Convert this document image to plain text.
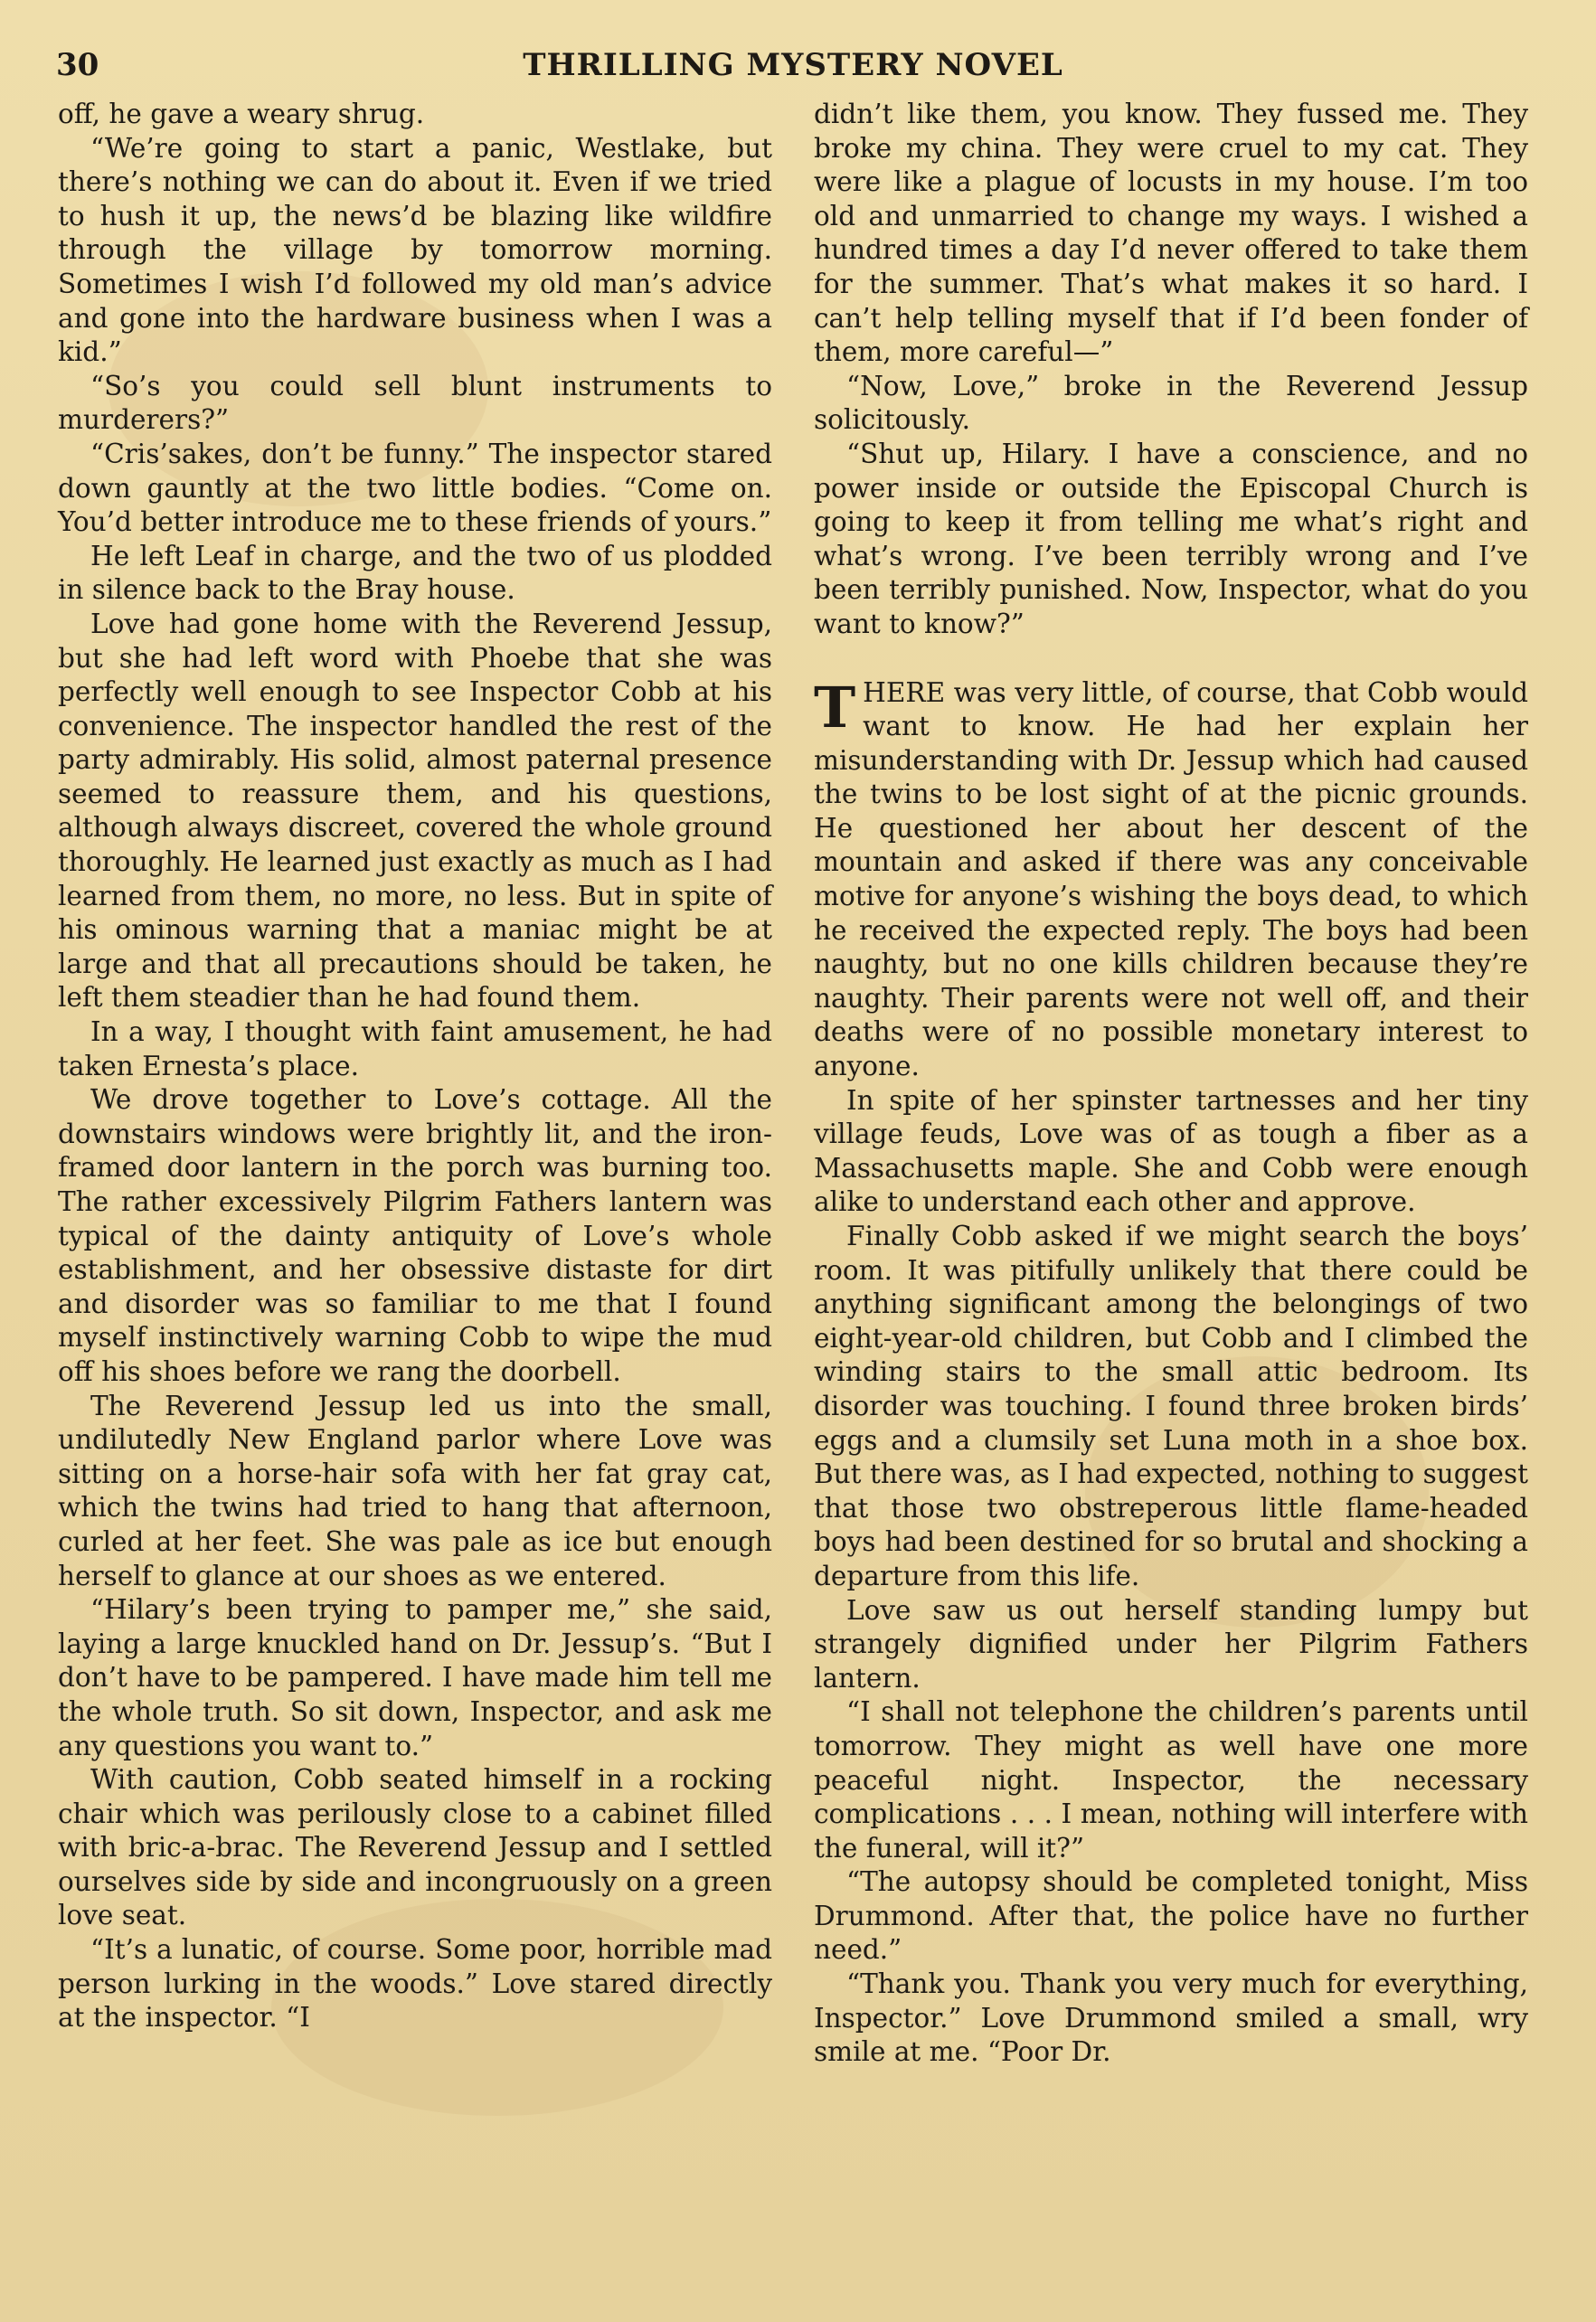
30	THRILLING MYSTERY NOVEL

off, he gave a weary shrug.

“We’re going to start a panic, Westlake, but there’s nothing we can do about it. Even if we tried to hush it up, the news’d be blazing like wildfire through the village by tomorrow morning. Sometimes I wish I’d followed my old man’s advice and gone into the hardware business when I was a kid.”

“So’s you could sell blunt instruments to murderers?”

“Cris’sakes, don’t be funny.” The inspector stared down gauntly at the two little bodies. “Come on. You’d better introduce me to these friends of yours.”

He left Leaf in charge, and the two of us plodded in silence back to the Bray house.

Love had gone home with the Reverend Jessup, but she had left word with Phoebe that she was perfectly well enough to see Inspector Cobb at his convenience. The inspector handled the rest of the party admirably. His solid, almost paternal presence seemed to reassure them, and his questions, although always discreet, covered the whole ground thoroughly. He learned just exactly as much as I had learned from them, no more, no less. But in spite of his ominous warning that a maniac might be at large and that all precautions should be taken, he left them steadier than he had found them.

In a way, I thought with faint amusement, he had taken Ernesta’s place.

We drove together to Love’s cottage. All the downstairs windows were brightly lit, and the iron-framed door lantern in the porch was burning too. The rather excessively Pilgrim Fathers lantern was typical of the dainty antiquity of Love’s whole establishment, and her obsessive distaste for dirt and disorder was so familiar to me that I found myself instinctively warning Cobb to wipe the mud off his shoes before we rang the doorbell.

The Reverend Jessup led us into the small, undilutedly New England parlor where Love was sitting on a horse-hair sofa with her fat gray cat, which the twins had tried to hang that afternoon, curled at her feet. She was pale as ice but enough herself to glance at our shoes as we entered.

“Hilary’s been trying to pamper me,” she said, laying a large knuckled hand on Dr. Jessup’s. “But I don’t have to be pampered. I have made him tell me the whole truth. So sit down, Inspector, and ask me any questions you want to.”

With caution, Cobb seated himself in a rocking chair which was perilously close to a cabinet filled with bric-a-brac. The Reverend Jessup and I settled ourselves side by side and incongruously on a green love seat.

“It’s a lunatic, of course. Some poor, horrible mad person lurking in the woods.” Love stared directly at the inspector. “I

didn’t like them, you know. They fussed me. They broke my china. They were cruel to my cat. They were like a plague of locusts in my house. I’m too old and unmarried to change my ways. I wished a hundred times a day I’d never offered to take them for the summer. That’s what makes it so hard. I can’t help telling myself that if I’d been fonder of them, more careful—”

“Now, Love,” broke in the Reverend Jessup solicitously.

“Shut up, Hilary. I have a conscience, and no power inside or outside the Episcopal Church is going to keep it from telling me what’s right and what’s wrong. I’ve been terribly wrong and I’ve been terribly punished. Now, Inspector, what do you want to know?”

THERE was very little, of course, that Cobb would want to know. He had her explain her misunderstanding with Dr. Jessup which had caused the twins to be lost sight of at the picnic grounds. He questioned her about her descent of the mountain and asked if there was any conceivable motive for anyone’s wishing the boys dead, to which he received the expected reply. The boys had been naughty, but no one kills children because they’re naughty. Their parents were not well off, and their deaths were of no possible monetary interest to anyone.

In spite of her spinster tartnesses and her tiny village feuds, Love was of as tough a fiber as a Massachusetts maple. She and Cobb were enough alike to understand each other and approve.

Finally Cobb asked if we might search the boys’ room. It was pitifully unlikely that there could be anything significant among the belongings of two eight-year-old children, but Cobb and I climbed the winding stairs to the small attic bedroom. Its disorder was touching. I found three broken birds’ eggs and a clumsily set Luna moth in a shoe box. But there was, as I had expected, nothing to suggest that those two obstreperous little flame-headed boys had been destined for so brutal and shocking a departure from this life.

Love saw us out herself standing lumpy but strangely dignified under her Pilgrim Fathers lantern.

“I shall not telephone the children’s parents until tomorrow. They might as well have one more peaceful night. Inspector, the necessary complications . . . I mean, nothing will interfere with the funeral, will it?”

“The autopsy should be completed tonight, Miss Drummond. After that, the police have no further need.”

“Thank you. Thank you very much for everything, Inspector.” Love Drummond smiled a small, wry smile at me. “Poor Dr.
